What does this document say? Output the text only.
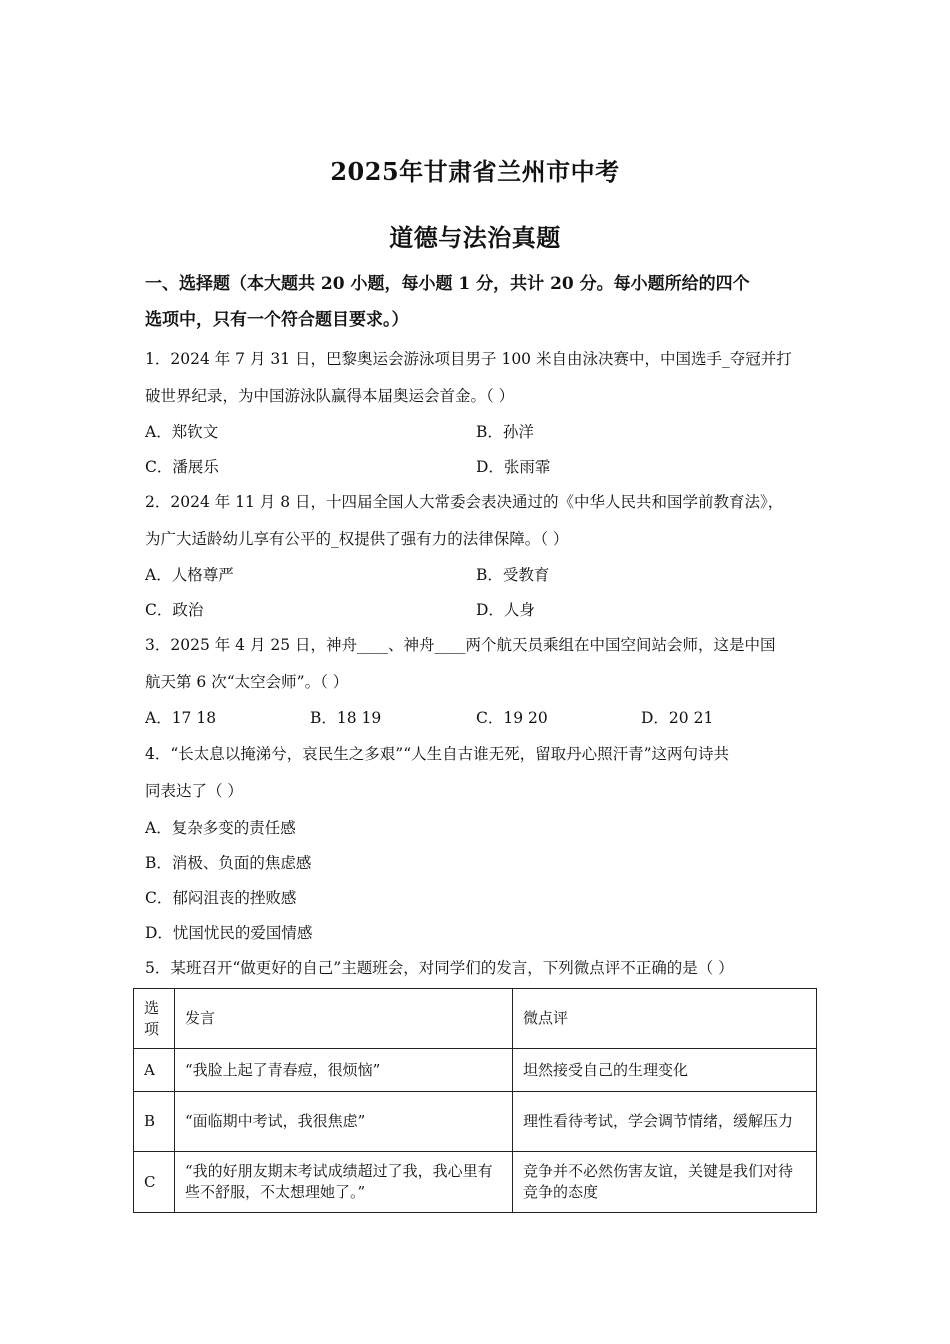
2025年甘肃省兰州市中考
道德与法治真题
一、选择题（本大题共 20 小题，每小题 1 分，共计 20 分。每小题所给的四个
选项中，只有一个符合题目要求。）
1．2024 年 7 月 31 日，巴黎奥运会游泳项目男子 100 米自由泳决赛中，中国选手_夺冠并打
破世界纪录，为中国游泳队赢得本届奥运会首金。（ ）
A．郑钦文	B．孙洋
C．潘展乐	D．张雨霏
2．2024 年 11 月 8 日，十四届全国人大常委会表决通过的《中华人民共和国学前教育法》，
为广大适龄幼儿享有公平的_权提供了强有力的法律保障。（ ）
A．人格尊严	B．受教育
C．政治	D．人身
3．2025 年 4 月 25 日，神舟____、神舟____两个航天员乘组在中国空间站会师，这是中国
航天第 6 次“太空会师”。（ ）
A．17 18	B．18 19	C．19 20	D．20 21
4．“长太息以掩涕兮，哀民生之多艰”“人生自古谁无死，留取丹心照汗青”这两句诗共
同表达了（ ）
A．复杂多变的责任感
B．消极、负面的焦虑感
C．郁闷沮丧的挫败感
D．忧国忧民的爱国情感
5．某班召开“做更好的自己”主题班会，对同学们的发言，下列微点评不正确的是（ ）
选项	发言	微点评
A	“我脸上起了青春痘，很烦恼”	坦然接受自己的生理变化
B	“面临期中考试，我很焦虑”	理性看待考试，学会调节情绪，缓解压力
C	“我的好朋友期末考试成绩超过了我，我心里有些不舒服，不太想理她了。”	竞争并不必然伤害友谊，关键是我们对待竞争的态度
